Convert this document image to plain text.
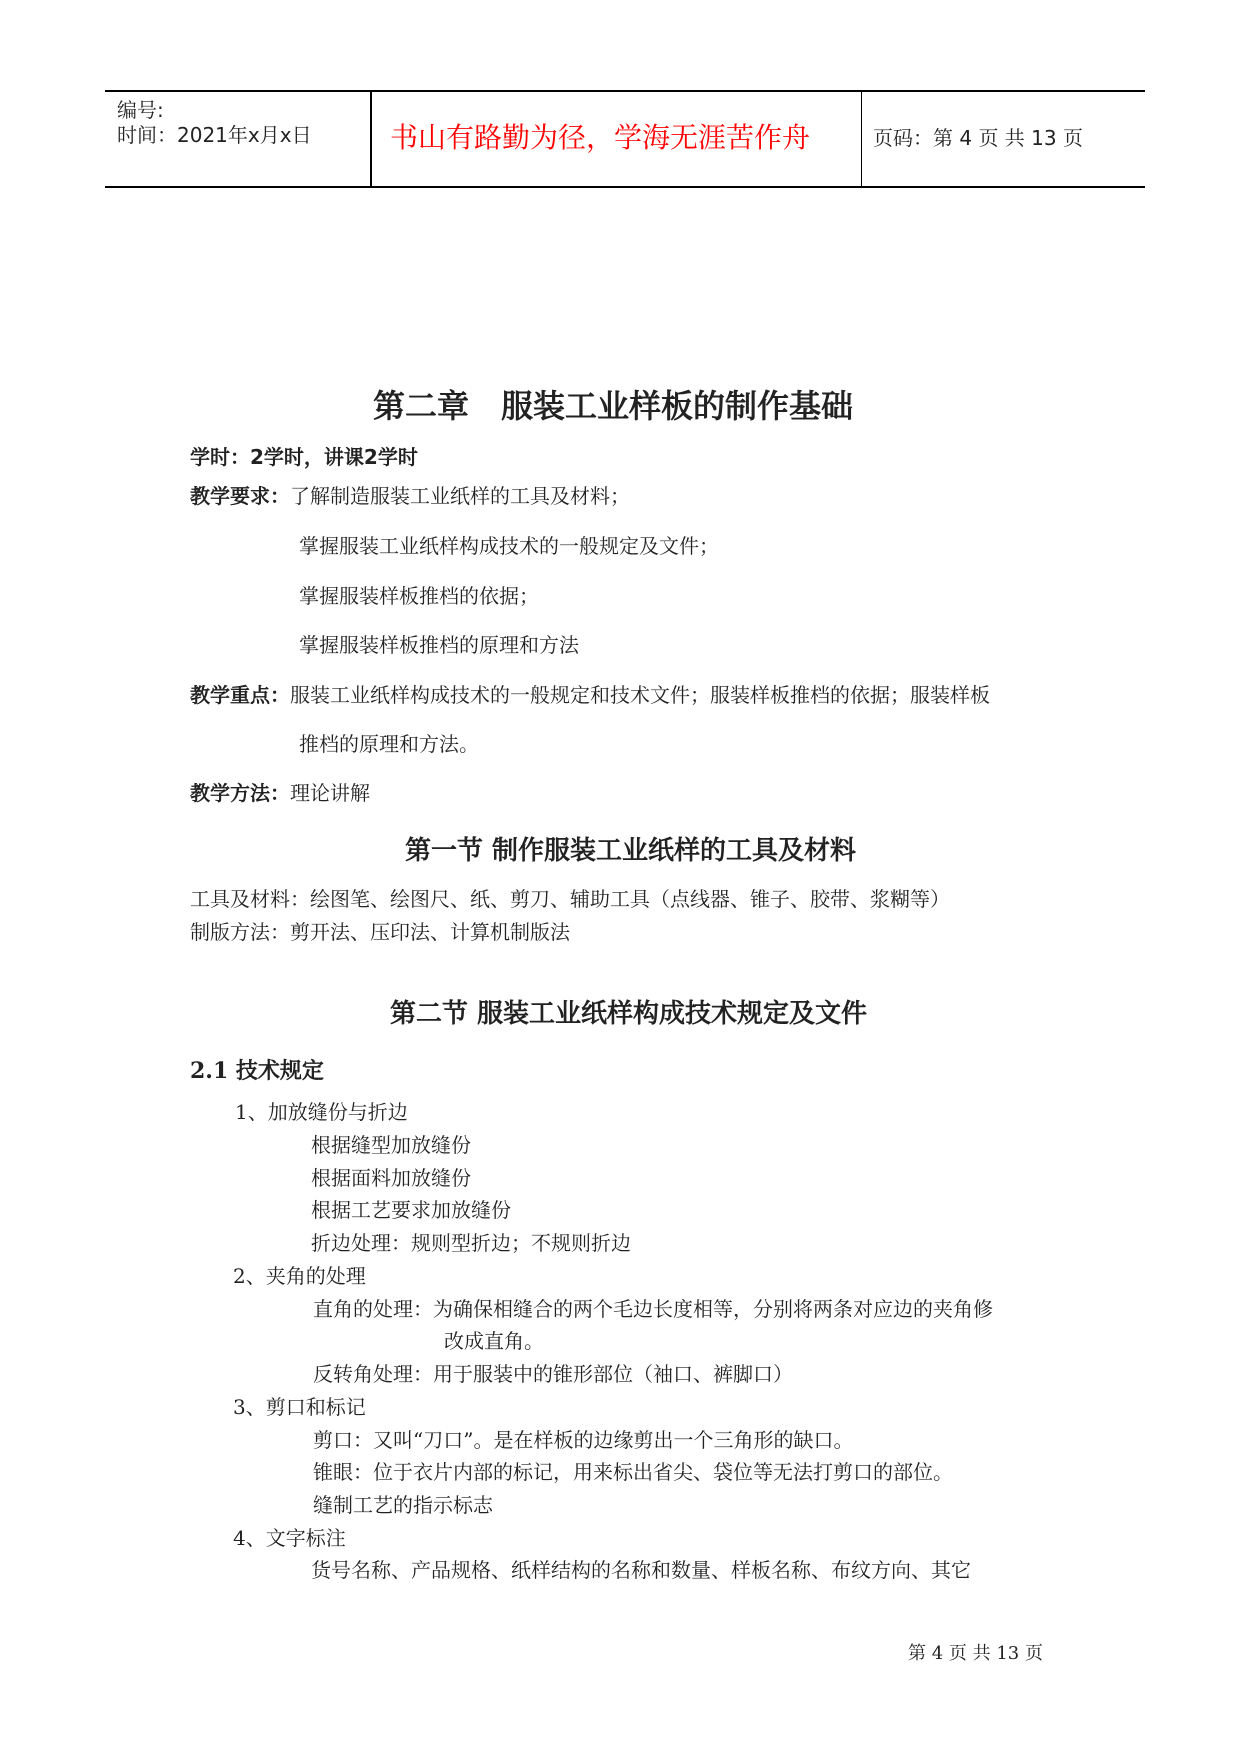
编号:
时间：2021年x月x日	书山有路勤为径，学海无涯苦作舟	页码：第 4 页 共 13 页
第二章　服装工业样板的制作基础
学时：2学时，讲课2学时
教学要求：了解制造服装工业纸样的工具及材料；
掌握服装工业纸样构成技术的一般规定及文件；
掌握服装样板推档的依据；
掌握服装样板推档的原理和方法
教学重点：服装工业纸样构成技术的一般规定和技术文件；服装样板推档的依据；服装样板
推档的原理和方法。
教学方法：理论讲解
第一节 制作服装工业纸样的工具及材料
工具及材料：绘图笔、绘图尺、纸、剪刀、辅助工具（点线器、锥子、胶带、浆糊等）
制版方法：剪开法、压印法、计算机制版法
第二节 服装工业纸样构成技术规定及文件
2.1 技术规定
1、加放缝份与折边
根据缝型加放缝份
根据面料加放缝份
根据工艺要求加放缝份
折边处理：规则型折边；不规则折边
2、夹角的处理
直角的处理：为确保相缝合的两个毛边长度相等，分别将两条对应边的夹角修
改成直角。
反转角处理：用于服装中的锥形部位（袖口、裤脚口）
3、剪口和标记
剪口：又叫“刀口”。是在样板的边缘剪出一个三角形的缺口。
锥眼：位于衣片内部的标记，用来标出省尖、袋位等无法打剪口的部位。
缝制工艺的指示标志
4、文字标注
货号名称、产品规格、纸样结构的名称和数量、样板名称、布纹方向、其它
第 4 页 共 13 页
